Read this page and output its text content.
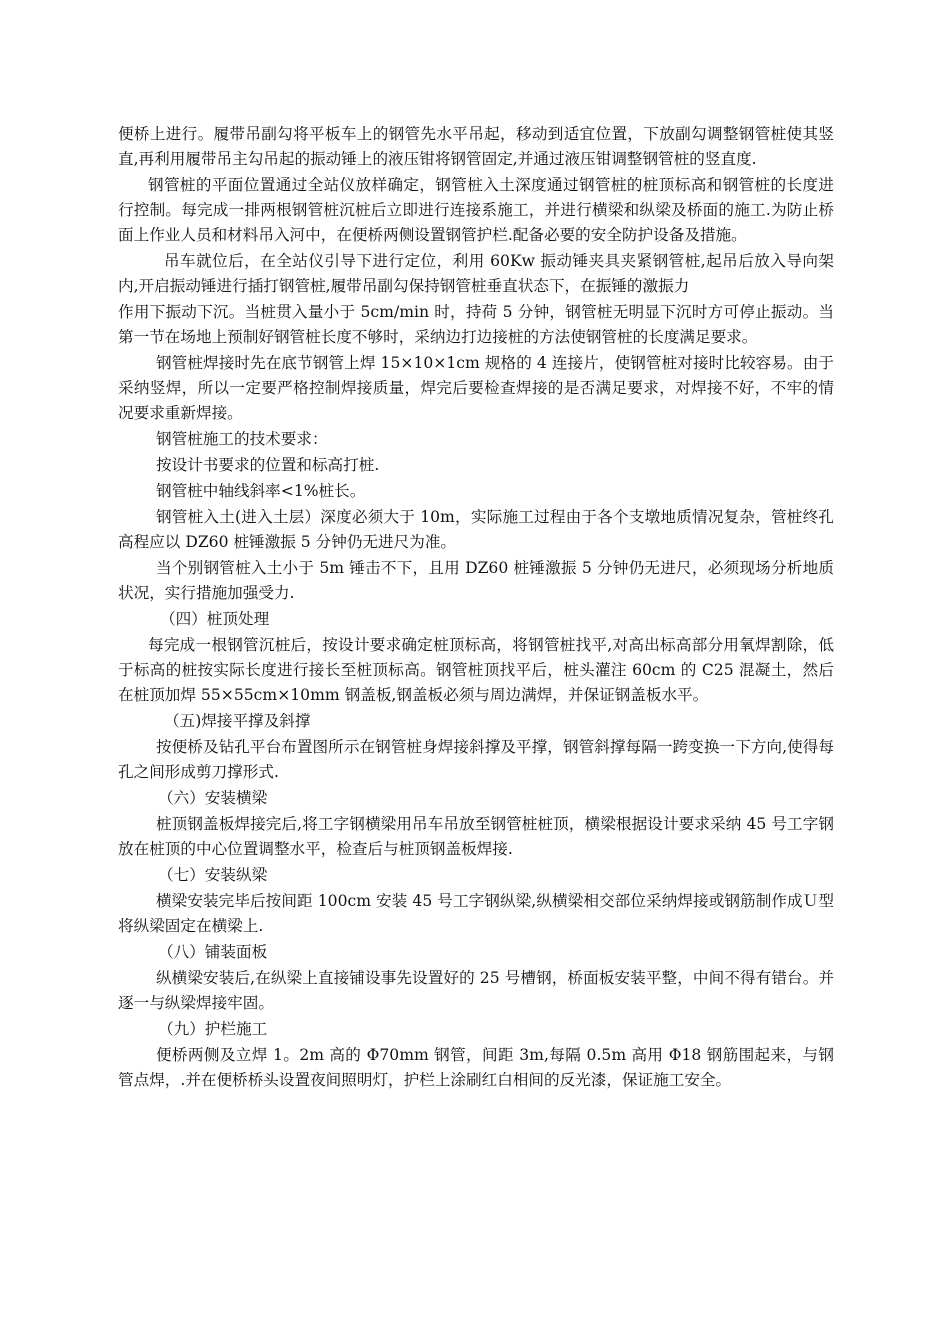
便桥上进行。履带吊副勾将平板车上的钢管先水平吊起，移动到适宜位置，下放副勾调整钢管桩使其竖直,再利用履带吊主勾吊起的振动锤上的液压钳将钢管固定,并通过液压钳调整钢管桩的竖直度.

钢管桩的平面位置通过全站仪放样确定，钢管桩入土深度通过钢管桩的桩顶标高和钢管桩的长度进行控制。每完成一排两根钢管桩沉桩后立即进行连接系施工，并进行横梁和纵梁及桥面的施工.为防止桥面上作业人员和材料吊入河中，在便桥两侧设置钢管护栏.配备必要的安全防护设备及措施。

吊车就位后，在全站仪引导下进行定位，利用 60Kw 振动锤夹具夹紧钢管桩,起吊后放入导向架内,开启振动锤进行插打钢管桩,履带吊副勾保持钢管桩垂直状态下，在振锤的激振力

作用下振动下沉。当桩贯入量小于 5cm/min 时，持荷 5 分钟，钢管桩无明显下沉时方可停止振动。当第一节在场地上预制好钢管桩长度不够时，采纳边打边接桩的方法使钢管桩的长度满足要求。

钢管桩焊接时先在底节钢管上焊 15×10×1cm 规格的 4 连接片，使钢管桩对接时比较容易。由于采纳竖焊，所以一定要严格控制焊接质量，焊完后要检查焊接的是否满足要求，对焊接不好，不牢的情况要求重新焊接。

钢管桩施工的技术要求：

按设计书要求的位置和标高打桩.

钢管桩中轴线斜率<1%桩长。

钢管桩入土(进入土层）深度必须大于 10m，实际施工过程由于各个支墩地质情况复杂，管桩终孔高程应以 DZ60 桩锤激振 5 分钟仍无进尺为准。

当个别钢管桩入土小于 5m 锤击不下，且用 DZ60 桩锤激振 5 分钟仍无进尺，必须现场分析地质状况，实行措施加强受力.

（四）桩顶处理

每完成一根钢管沉桩后，按设计要求确定桩顶标高，将钢管桩找平,对高出标高部分用氧焊割除，低于标高的桩按实际长度进行接长至桩顶标高。钢管桩顶找平后，桩头灌注 60cm 的 C25 混凝土，然后在桩顶加焊 55×55cm×10mm 钢盖板,钢盖板必须与周边满焊，并保证钢盖板水平。

（五)焊接平撑及斜撑

按便桥及钻孔平台布置图所示在钢管桩身焊接斜撑及平撑，钢管斜撑每隔一跨变换一下方向,使得每孔之间形成剪刀撑形式.

（六）安装横梁

桩顶钢盖板焊接完后,将工字钢横梁用吊车吊放至钢管桩桩顶，横梁根据设计要求采纳 45 号工字钢放在桩顶的中心位置调整水平，检查后与桩顶钢盖板焊接.

（七）安装纵梁

横梁安装完毕后按间距 100cm 安装 45 号工字钢纵梁,纵横梁相交部位采纳焊接或钢筋制作成Ｕ型将纵梁固定在横梁上.

（八）铺装面板

纵横梁安装后,在纵梁上直接铺设事先设置好的 25 号槽钢，桥面板安装平整，中间不得有错台。并逐一与纵梁焊接牢固。

（九）护栏施工

便桥两侧及立焊 1。2m 高的 Φ70mm 钢管，间距 3m,每隔 0.5m 高用 Φ18 钢筋围起来，与钢管点焊，.并在便桥桥头设置夜间照明灯，护栏上涂刷红白相间的反光漆，保证施工安全。
